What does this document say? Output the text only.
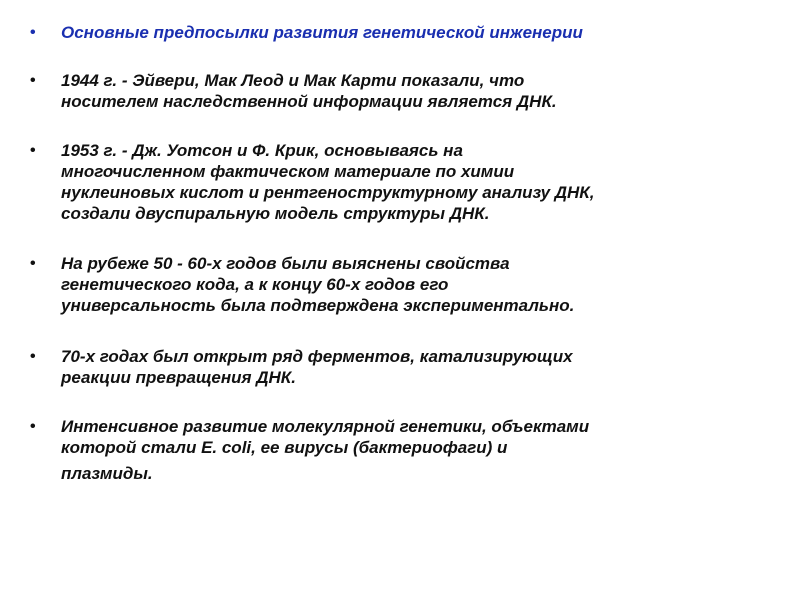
• Основные предпосылки развития генетической инженерии
• 1944 г. - Эйвери, Мак Леод и Мак Карти показали, что
носителем наследственной информации является ДНК.
• 1953 г. - Дж. Уотсон и Ф. Крик, основываясь на
многочисленном фактическом материале по химии
нуклеиновых кислот и рентгеноструктурному анализу ДНК,
создали двуспиральную модель структуры ДНК.
• На рубеже 50 - 60-х годов были выяснены свойства
генетического кода, а к концу 60-х годов его
универсальность была подтверждена экспериментально.
• 70-х годах был открыт ряд ферментов, катализирующих
реакции превращения ДНК.
• Интенсивное развитие молекулярной генетики, объектами
которой стали E. coli, ее вирусы (бактериофаги) и
плазмиды.
